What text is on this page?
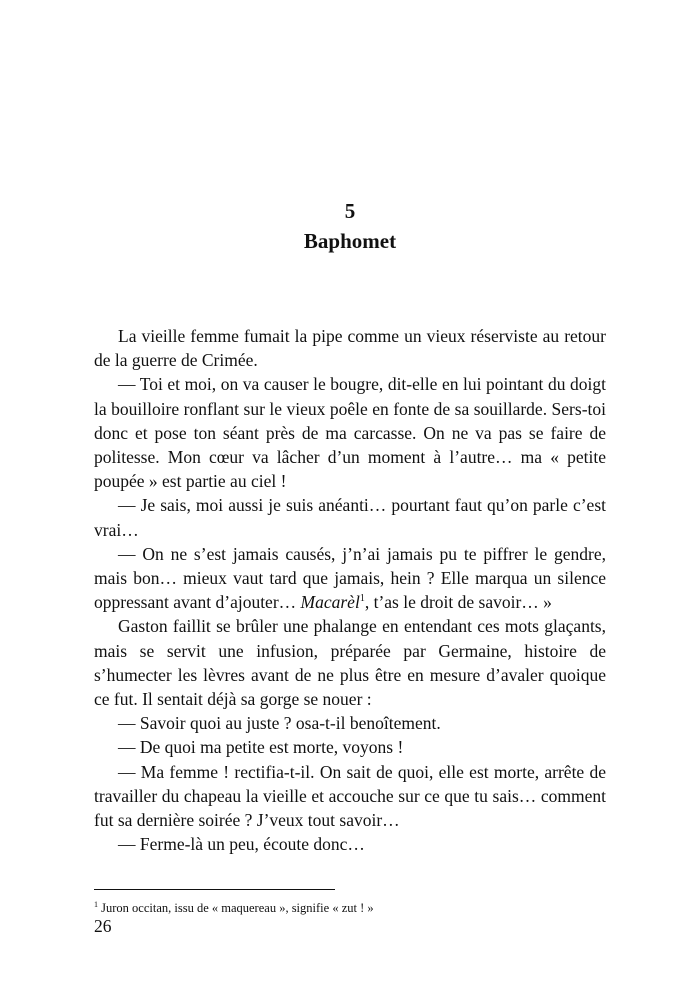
5
Baphomet

La vieille femme fumait la pipe comme un vieux réserviste au retour de la guerre de Crimée.

— Toi et moi, on va causer le bougre, dit-elle en lui pointant du doigt la bouilloire ronflant sur le vieux poêle en fonte de sa souillarde. Sers-toi donc et pose ton séant près de ma carcasse. On ne va pas se faire de politesse. Mon cœur va lâcher d’un moment à l’autre… ma « petite poupée » est partie au ciel !

— Je sais, moi aussi je suis anéanti… pourtant faut qu’on parle c’est vrai…

— On ne s’est jamais causés, j’n’ai jamais pu te piffrer le gendre, mais bon… mieux vaut tard que jamais, hein ? Elle marqua un silence oppressant avant d’ajouter… Macarèl$^1$, t’as le droit de savoir… »

Gaston faillit se brûler une phalange en entendant ces mots glaçants, mais se servit une infusion, préparée par Germaine, histoire de s’humecter les lèvres avant de ne plus être en mesure d’avaler quoique ce fut. Il sentait déjà sa gorge se nouer :

— Savoir quoi au juste ? osa-t-il benoîtement.

— De quoi ma petite est morte, voyons !

— Ma femme ! rectifia-t-il. On sait de quoi, elle est morte, arrête de travailler du chapeau la vieille et accouche sur ce que tu sais… comment fut sa dernière soirée ? J’veux tout savoir…

— Ferme-là un peu, écoute donc…

$^1$ Juron occitan, issu de « maquereau », signifie « zut ! »
26
